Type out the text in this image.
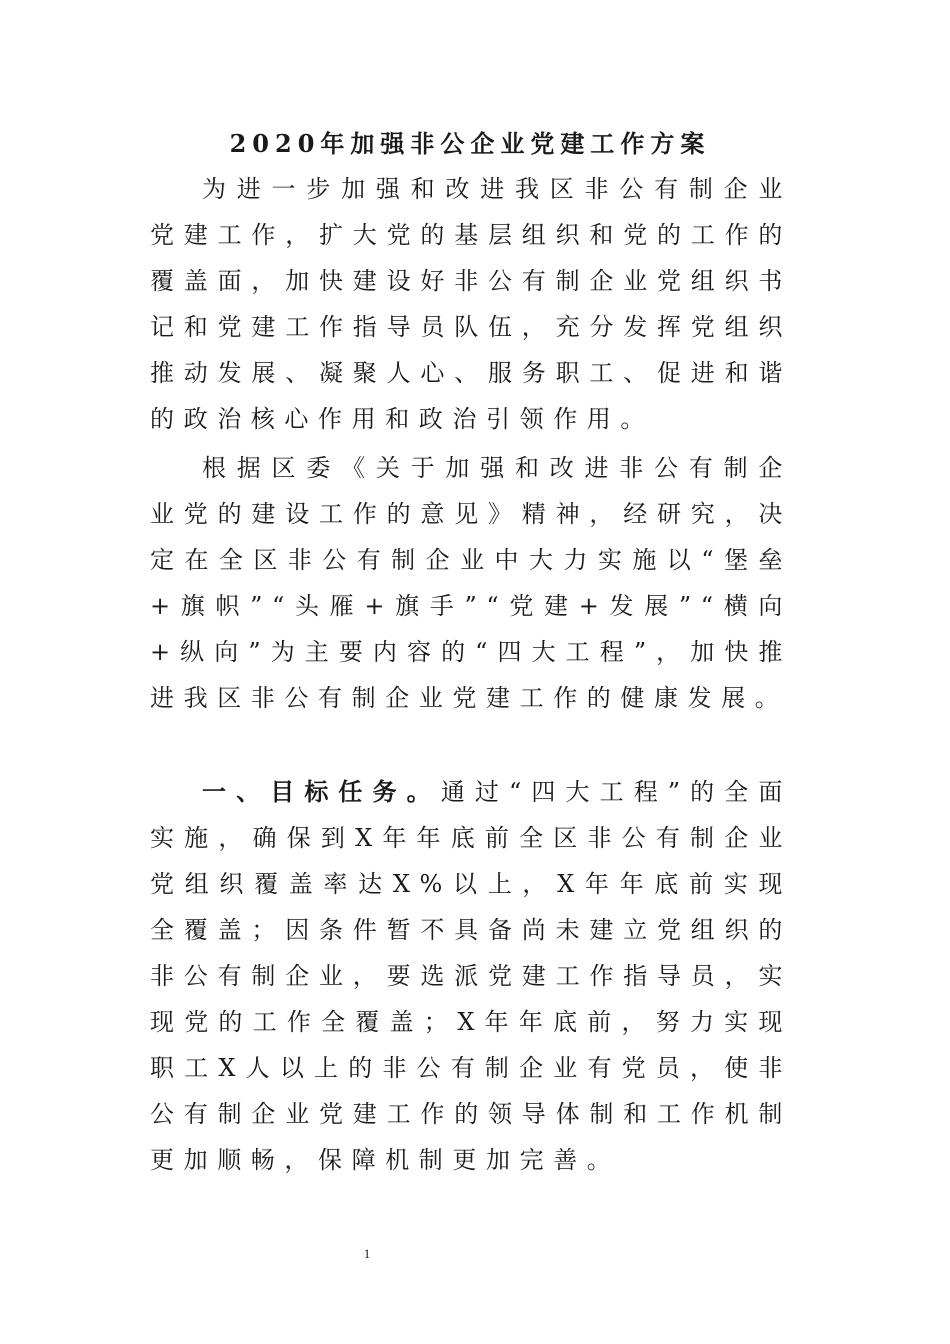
2020年加强非公企业党建工作方案

为进一步加强和改进我区非公有制企业党建工作，扩大党的基层组织和党的工作的覆盖面，加快建设好非公有制企业党组织书记和党建工作指导员队伍，充分发挥党组织推动发展、凝聚人心、服务职工、促进和谐的政治核心作用和政治引领作用。

根据区委《关于加强和改进非公有制企业党的建设工作的意见》精神，经研究，决定在全区非公有制企业中大力实施以“堡垒+旗帜”“头雁+旗手”“党建+发展”“横向+纵向”为主要内容的“四大工程”，加快推进我区非公有制企业党建工作的健康发展。

一、目标任务。通过“四大工程”的全面实施，确保到X年年底前全区非公有制企业党组织覆盖率达X%以上，X年年底前实现全覆盖；因条件暂不具备尚未建立党组织的非公有制企业，要选派党建工作指导员，实现党的工作全覆盖；X年年底前，努力实现职工X人以上的非公有制企业有党员，使非公有制企业党建工作的领导体制和工作机制更加顺畅，保障机制更加完善。

1
